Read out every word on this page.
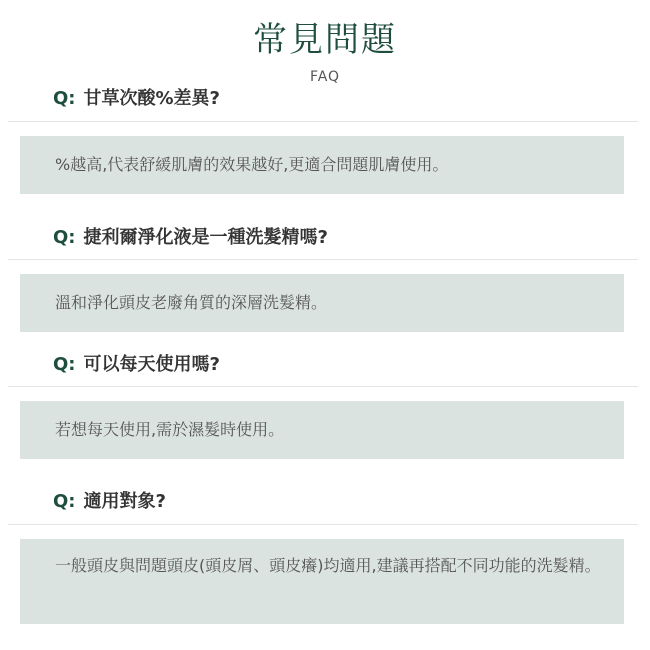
常見問題
FAQ
Q: 甘草次酸%差異?
%越高,代表舒緩肌膚的效果越好,更適合問題肌膚使用。
Q: 捷利爾淨化液是一種洗髮精嗎?
溫和淨化頭皮老廢角質的深層洗髮精。
Q: 可以每天使用嗎?
若想每天使用,需於濕髮時使用。
Q: 適用對象?
一般頭皮與問題頭皮(頭皮屑、頭皮癢)均適用,建議再搭配不同功能的洗髮精。
